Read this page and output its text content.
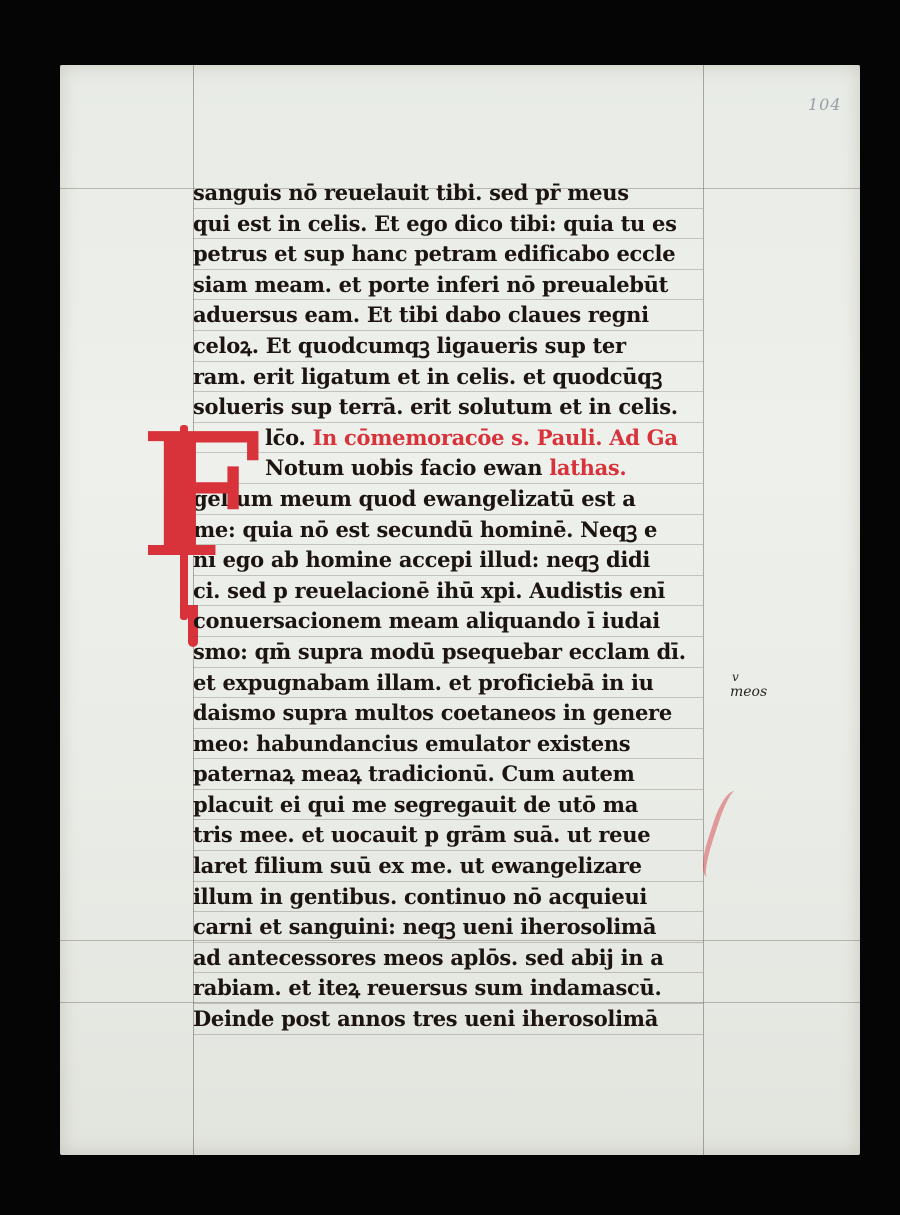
104
sanguis nō reuelauit tibi. sed pr̄ meus
qui est in celis. Et ego dico tibi: quia tu es
petrus et sup hanc petram edificabo eccle
siam meam. et porte inferi nō preualebūt
aduersus eam. Et tibi dabo claues regni
celoꝝ. Et quodcumqꝫ ligaueris sup ter
ram. erit ligatum et in celis. et quodcūqꝫ
solueris sup terrā. erit solutum et in celis.
lc̄o. In cōmemoracōe s. Pauli. Ad Ga
Notum uobis facio ewan lathas.
gelium meum quod ewangelizatū est a
me: quia nō est secundū hominē. Neqꝫ e
nī ego ab homine accepi illud: neqꝫ didi
ci. sed p reuelacionē ihū xpi. Audistis enī
conuersacionem meam aliquando ī iudai
smo: qm̄ supra modū psequebar ecclam dī.
et expugnabam illam. et proficiebā in iu
daismo supra multos coetaneos in genere
meo: habundancius emulator existens
paternaꝝ meaꝝ tradicionū. Cum autem
placuit ei qui me segregauit de utō ma
tris mee. et uocauit p grām suā. ut reue
laret filium suū ex me. ut ewangelizare
illum in gentibus. continuo nō acquieui
carni et sanguini: neqꝫ ueni iherosolimā
ad antecessores meos aplōs. sed abij in a
rabiam. et iteꝝ reuersus sum indamascū.
Deinde post annos tres ueni iherosolimā
F
v
meos
